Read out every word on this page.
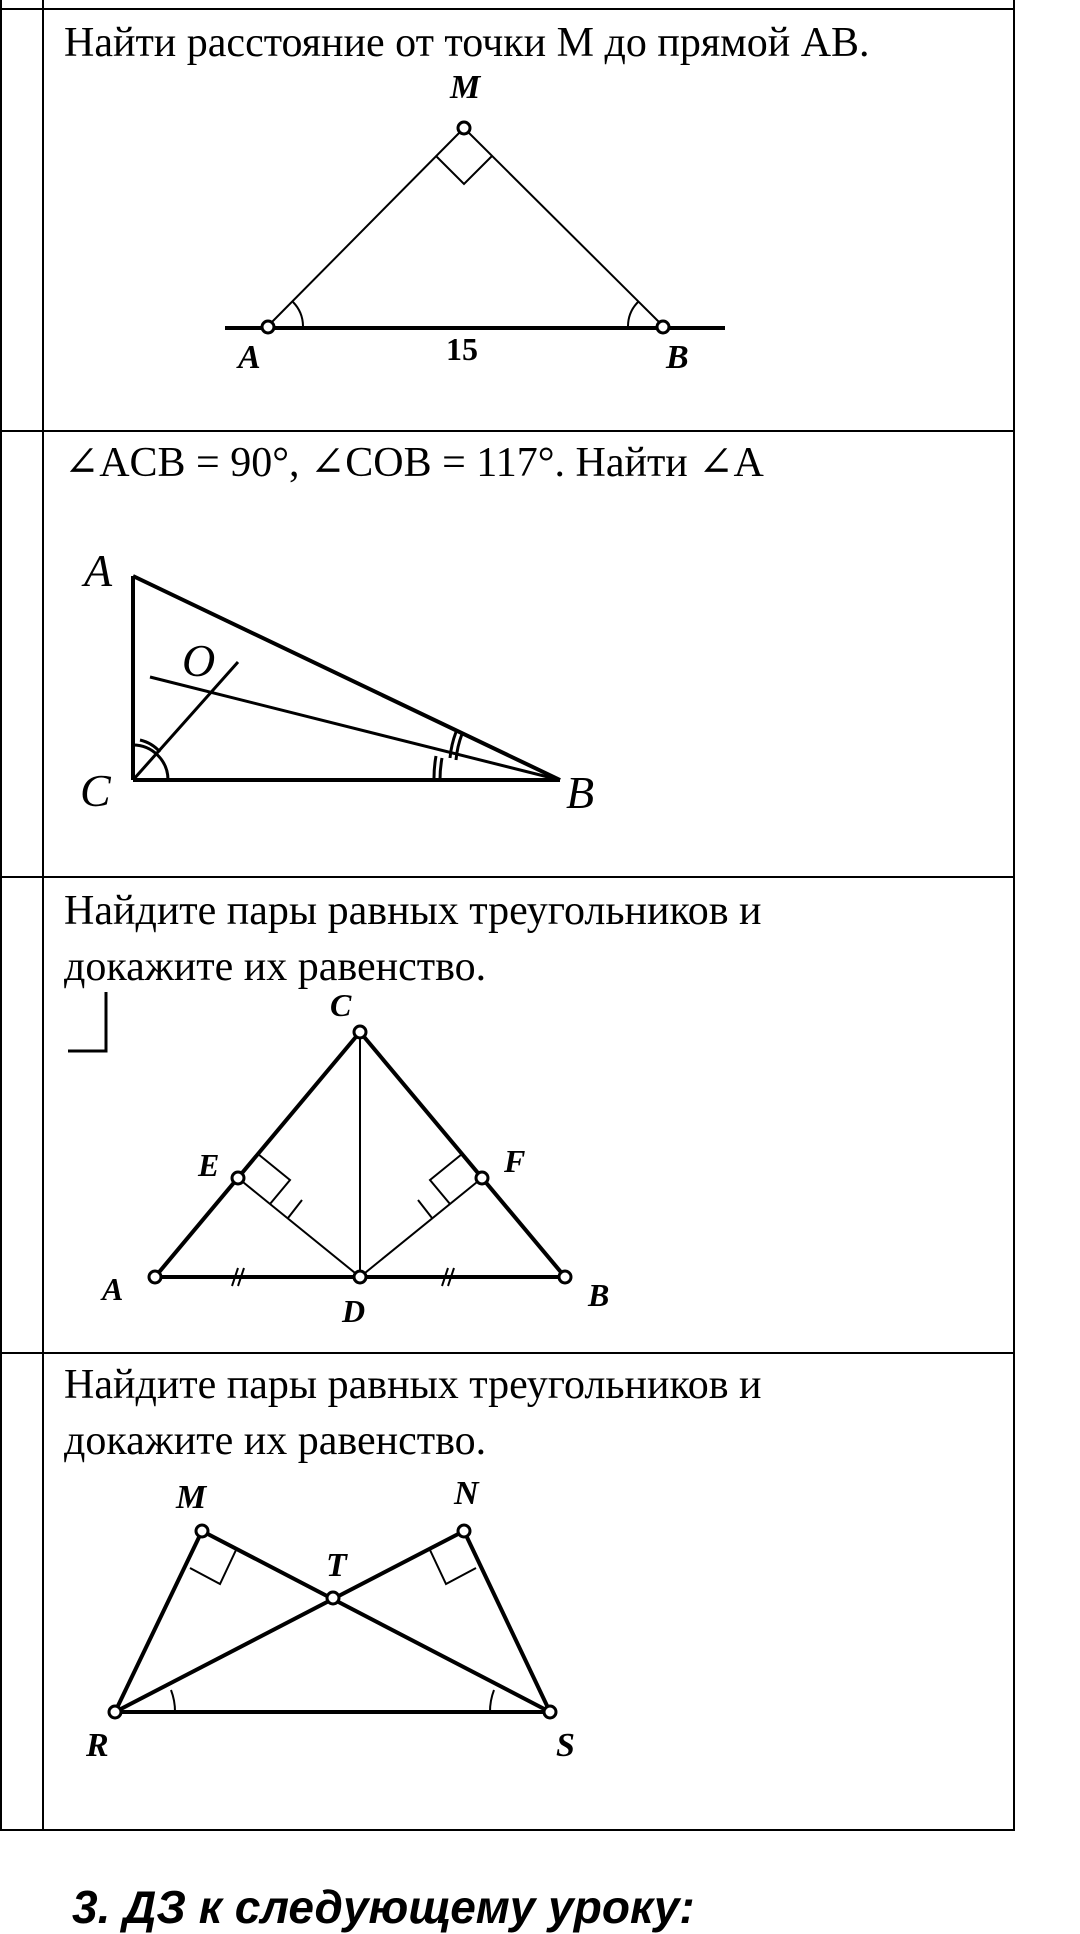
Найти расстояние от точки М до прямой АВ.
∠ACB = 90°, ∠COB = 117°. Найти ∠A
Найдите пары равных треугольников и
докажите их равенство.
Найдите пары равных треугольников и
докажите их равенство.
M
A	B
15
A
O
C	B
C
E	F
A
D	B
M	N
T
R	S
3. ДЗ к следующему уроку:
